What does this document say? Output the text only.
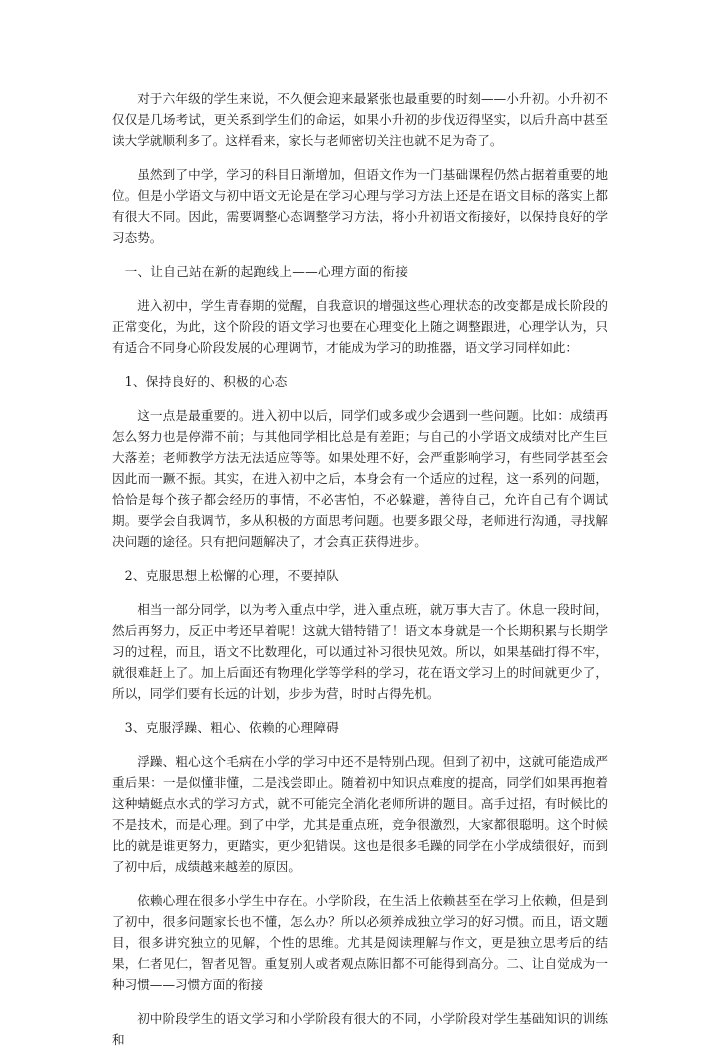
对于六年级的学生来说，不久便会迎来最紧张也最重要的时刻——小升初。小升初不仅仅是几场考试，更关系到学生们的命运，如果小升初的步伐迈得坚实，以后升高中甚至读大学就顺利多了。这样看来，家长与老师密切关注也就不足为奇了。

虽然到了中学，学习的科目日渐增加，但语文作为一门基础课程仍然占据着重要的地位。但是小学语文与初中语文无论是在学习心理与学习方法上还是在语文目标的落实上都有很大不同。因此，需要调整心态调整学习方法，将小升初语文衔接好，以保持良好的学习态势。

一、让自己站在新的起跑线上——心理方面的衔接

进入初中，学生青春期的觉醒，自我意识的增强这些心理状态的改变都是成长阶段的正常变化，为此，这个阶段的语文学习也要在心理变化上随之调整跟进，心理学认为，只有适合不同身心阶段发展的心理调节，才能成为学习的助推器，语文学习同样如此：

1、保持良好的、积极的心态

这一点是最重要的。进入初中以后，同学们或多或少会遇到一些问题。比如：成绩再怎么努力也是停滞不前；与其他同学相比总是有差距；与自己的小学语文成绩对比产生巨大落差；老师教学方法无法适应等等。如果处理不好，会严重影响学习，有些同学甚至会因此而一蹶不振。其实，在进入初中之后，本身会有一个适应的过程，这一系列的问题，恰恰是每个孩子都会经历的事情，不必害怕，不必躲避，善待自己，允许自己有个调试期。要学会自我调节，多从积极的方面思考问题。也要多跟父母，老师进行沟通，寻找解决问题的途径。只有把问题解决了，才会真正获得进步。

2、克服思想上松懈的心理，不要掉队

相当一部分同学，以为考入重点中学，进入重点班，就万事大吉了。休息一段时间，然后再努力，反正中考还早着呢！这就大错特错了！语文本身就是一个长期积累与长期学习的过程，而且，语文不比数理化，可以通过补习很快见效。所以，如果基础打得不牢，就很难赶上了。加上后面还有物理化学等学科的学习，花在语文学习上的时间就更少了，所以，同学们要有长远的计划，步步为营，时时占得先机。

3、克服浮躁、粗心、依赖的心理障碍

浮躁、粗心这个毛病在小学的学习中还不是特别凸现。但到了初中，这就可能造成严重后果：一是似懂非懂，二是浅尝即止。随着初中知识点难度的提高，同学们如果再抱着这种蜻蜓点水式的学习方式，就不可能完全消化老师所讲的题目。高手过招，有时候比的不是技术，而是心理。到了中学，尤其是重点班，竞争很激烈，大家都很聪明。这个时候比的就是谁更努力，更踏实，更少犯错误。这也是很多毛躁的同学在小学成绩很好，而到了初中后，成绩越来越差的原因。

依赖心理在很多小学生中存在。小学阶段，在生活上依赖甚至在学习上依赖，但是到了初中，很多问题家长也不懂，怎么办？所以必须养成独立学习的好习惯。而且，语文题目，很多讲究独立的见解，个性的思维。尤其是阅读理解与作文，更是独立思考后的结果，仁者见仁，智者见智。重复别人或者观点陈旧都不可能得到高分。二、让自觉成为一种习惯——习惯方面的衔接

初中阶段学生的语文学习和小学阶段有很大的不同，小学阶段对学生基础知识的训练和
